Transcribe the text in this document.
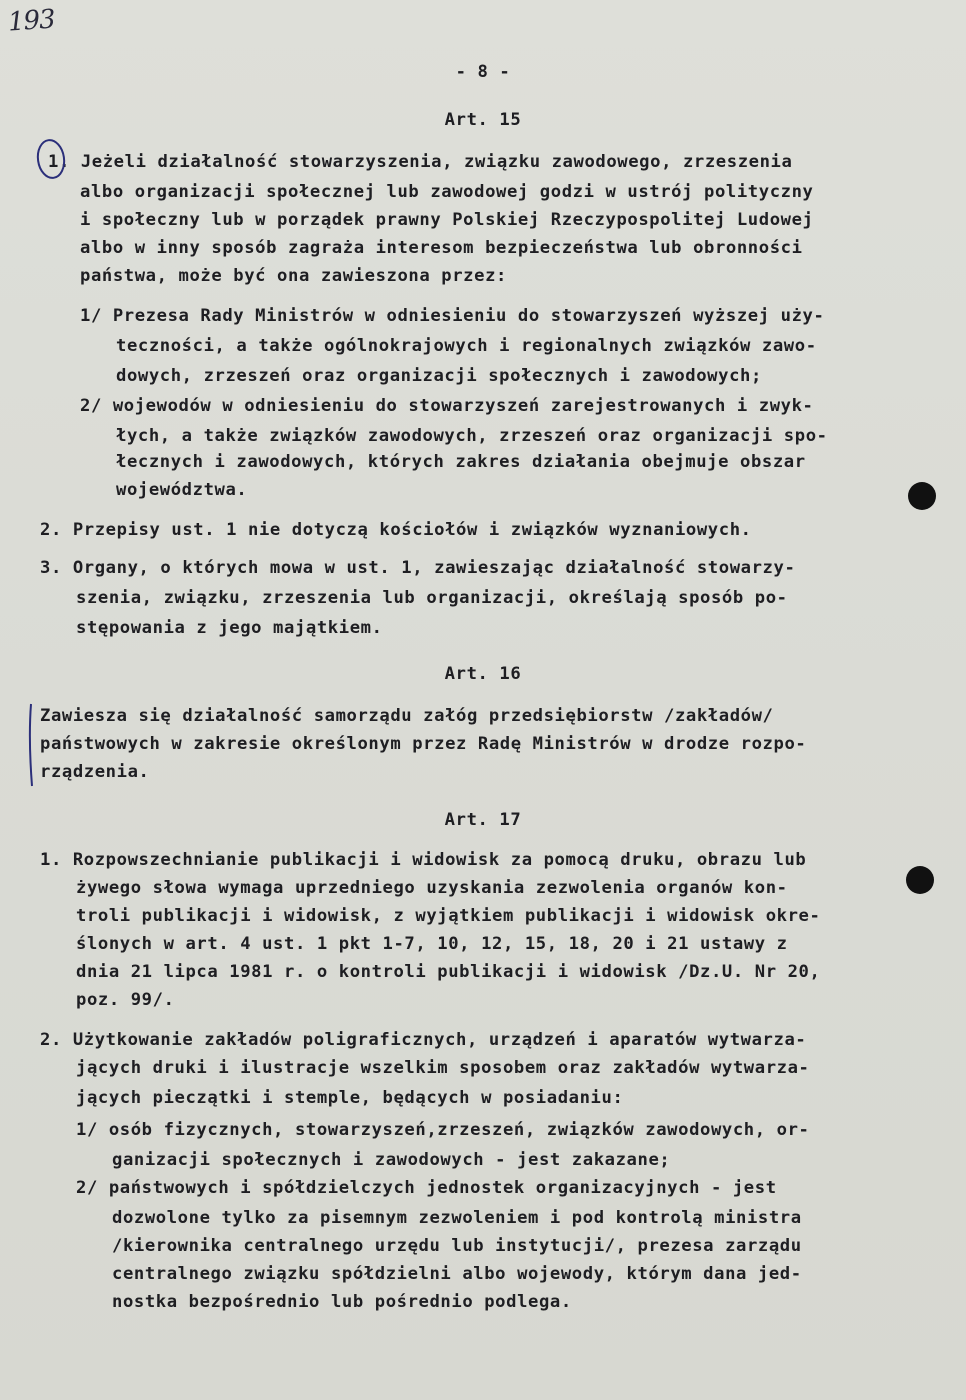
193
- 8 -
Art. 15
1. Jeżeli działalność stowarzyszenia, związku zawodowego, zrzeszenia
albo organizacji społecznej lub zawodowej godzi w ustrój polityczny
i społeczny lub w porządek prawny Polskiej Rzeczypospolitej Ludowej
albo w inny sposób zagraża interesom bezpieczeństwa lub obronności
państwa, może być ona zawieszona przez:
1/ Prezesa Rady Ministrów w odniesieniu do stowarzyszeń wyższej uży-
teczności, a także ogólnokrajowych i regionalnych związków zawo-
dowych, zrzeszeń oraz organizacji społecznych i zawodowych;
2/ wojewodów w odniesieniu do stowarzyszeń zarejestrowanych i zwyk-
łych, a także związków zawodowych, zrzeszeń oraz organizacji spo-
łecznych i zawodowych, których zakres działania obejmuje obszar
województwa.
2. Przepisy ust. 1 nie dotyczą kościołów i związków wyznaniowych.
3. Organy, o których mowa w ust. 1, zawieszając działalność stowarzy-
szenia, związku, zrzeszenia lub organizacji, określają sposób po-
stępowania z jego majątkiem.
Art. 16
Zawiesza się działalność samorządu załóg przedsiębiorstw /zakładów/
państwowych w zakresie określonym przez Radę Ministrów w drodze rozpo-
rządzenia.
Art. 17
1. Rozpowszechnianie publikacji i widowisk za pomocą druku, obrazu lub
żywego słowa wymaga uprzedniego uzyskania zezwolenia organów kon-
troli publikacji i widowisk, z wyjątkiem publikacji i widowisk okre-
ślonych w art. 4 ust. 1 pkt 1-7, 10, 12, 15, 18, 20 i 21 ustawy z
dnia 21 lipca 1981 r. o kontroli publikacji i widowisk /Dz.U. Nr 20,
poz. 99/.
2. Użytkowanie zakładów poligraficznych, urządzeń i aparatów wytwarza-
jących druki i ilustracje wszelkim sposobem oraz zakładów wytwarza-
jących pieczątki i stemple, będących w posiadaniu:
1/ osób fizycznych, stowarzyszeń,zrzeszeń, związków zawodowych, or-
ganizacji społecznych i zawodowych - jest zakazane;
2/ państwowych i spółdzielczych jednostek organizacyjnych - jest
dozwolone tylko za pisemnym zezwoleniem i pod kontrolą ministra
/kierownika centralnego urzędu lub instytucji/, prezesa zarządu
centralnego związku spółdzielni albo wojewody, którym dana jed-
nostka bezpośrednio lub pośrednio podlega.
